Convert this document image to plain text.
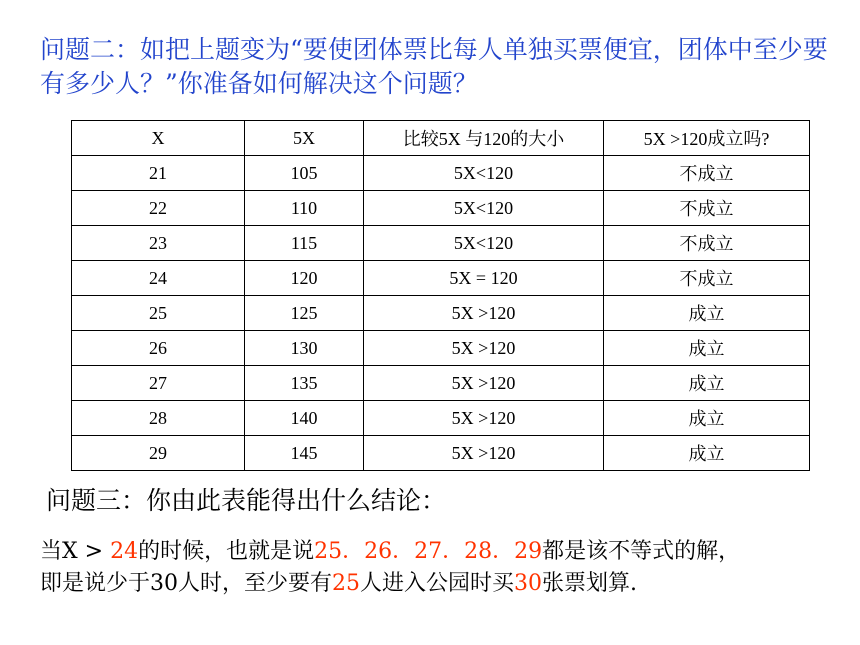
问题二：如把上题变为“要使团体票比每人单独买票便宜，团体中至少要有多少人？”你准备如何解决这个问题？
X	5X	比较5X 与120的大小	5X >120成立吗?
21	105	5X<120	不成立
22	110	5X<120	不成立
23	115	5X<120	不成立
24	120	5X = 120	不成立
25	125	5X >120	成立
26	130	5X >120	成立
27	135	5X >120	成立
28	140	5X >120	成立
29	145	5X >120	成立
问题三：你由此表能得出什么结论：
当X > 24的时候，也就是说25．26．27．28．29都是该不等式的解，
即是说少于30人时，至少要有25人进入公园时买30张票划算.
